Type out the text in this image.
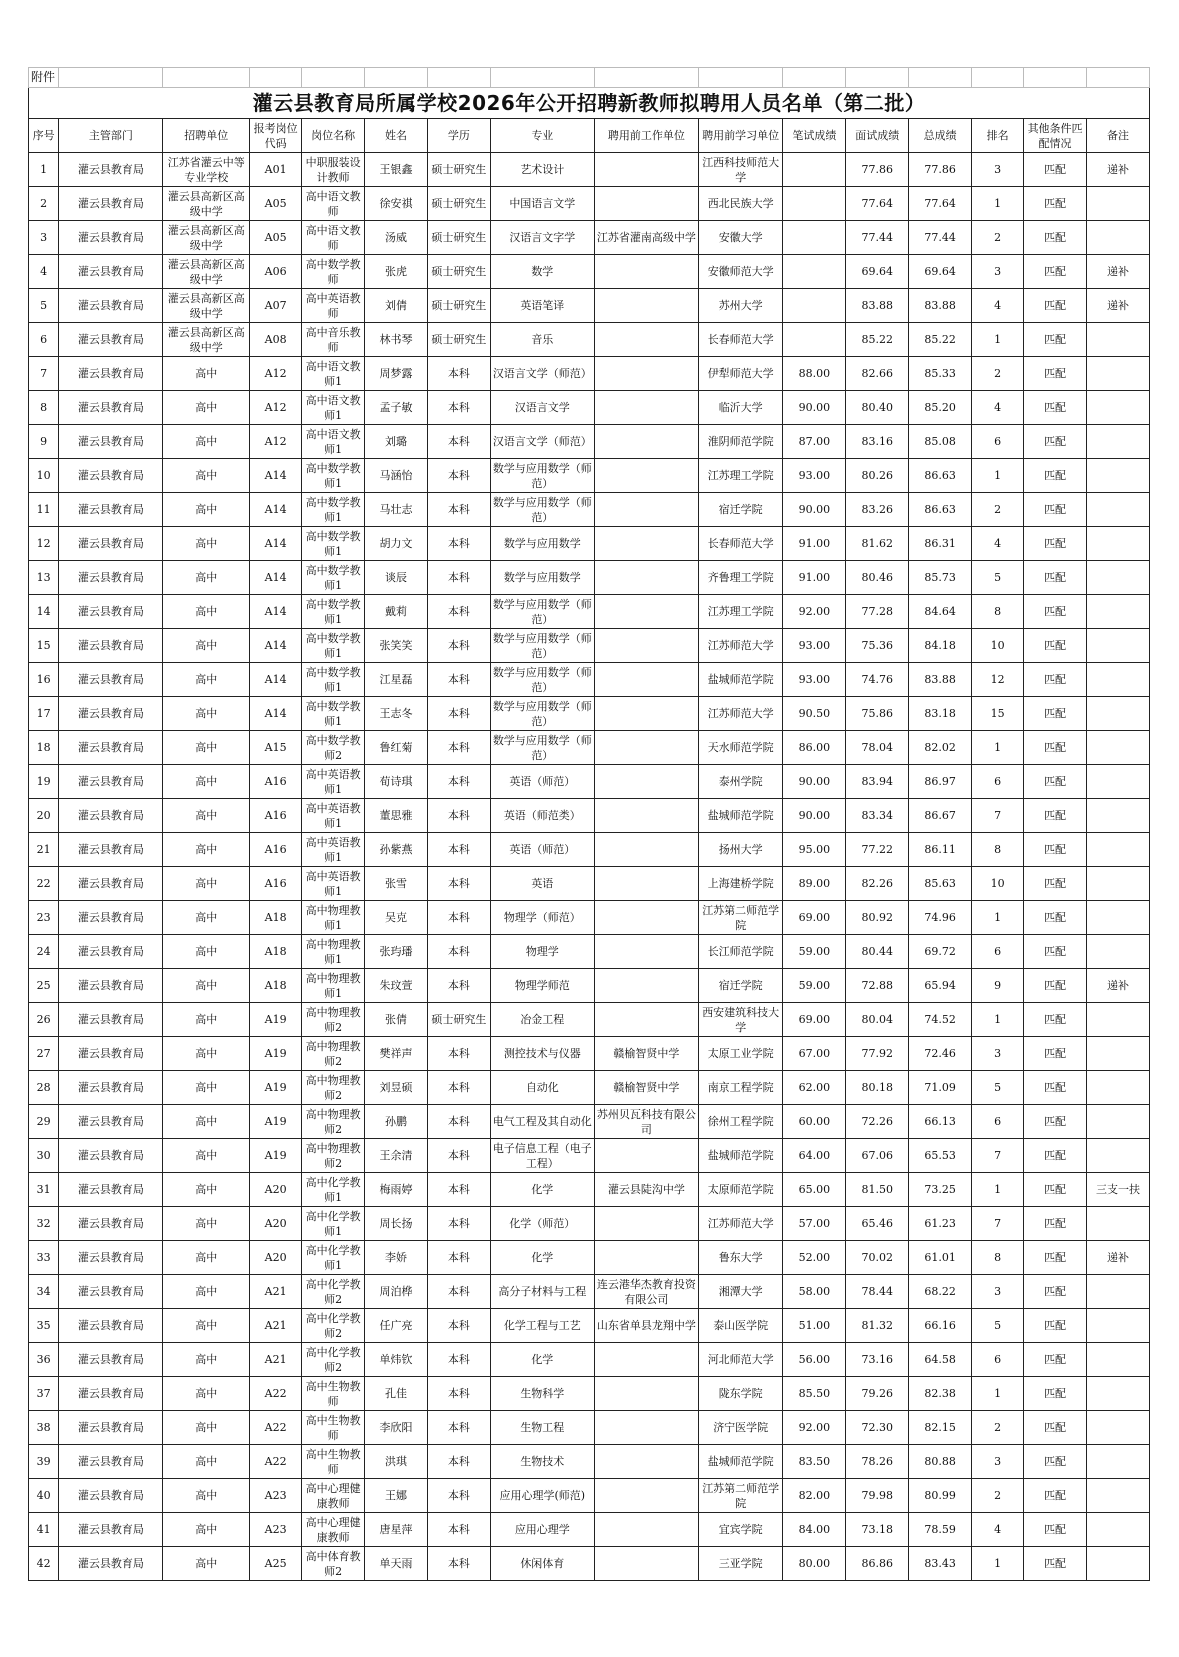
附件															
灌云县教育局所属学校2026年公开招聘新教师拟聘用人员名单（第二批）															
序号	主管部门	招聘单位	报考岗位代码	岗位名称	姓名	学历	专业	聘用前工作单位	聘用前学习单位	笔试成绩	面试成绩	总成绩	排名	其他条件匹配情况	备注
1	灌云县教育局	江苏省灌云中等专业学校	A01	中职服装设计教师	王银鑫	硕士研究生	艺术设计		江西科技师范大学		77.86	77.86	3	匹配	递补
2	灌云县教育局	灌云县高新区高级中学	A05	高中语文教师	徐安祺	硕士研究生	中国语言文学		西北民族大学		77.64	77.64	1	匹配	
3	灌云县教育局	灌云县高新区高级中学	A05	高中语文教师	汤威	硕士研究生	汉语言文字学	江苏省灌南高级中学	安徽大学		77.44	77.44	2	匹配	
4	灌云县教育局	灌云县高新区高级中学	A06	高中数学教师	张虎	硕士研究生	数学		安徽师范大学		69.64	69.64	3	匹配	递补
5	灌云县教育局	灌云县高新区高级中学	A07	高中英语教师	刘倩	硕士研究生	英语笔译		苏州大学		83.88	83.88	4	匹配	递补
6	灌云县教育局	灌云县高新区高级中学	A08	高中音乐教师	林书琴	硕士研究生	音乐		长春师范大学		85.22	85.22	1	匹配	
7	灌云县教育局	高中	A12	高中语文教师1	周梦露	本科	汉语言文学（师范）		伊犁师范大学	88.00	82.66	85.33	2	匹配	
8	灌云县教育局	高中	A12	高中语文教师1	孟子敏	本科	汉语言文学		临沂大学	90.00	80.40	85.20	4	匹配	
9	灌云县教育局	高中	A12	高中语文教师1	刘璐	本科	汉语言文学（师范）		淮阴师范学院	87.00	83.16	85.08	6	匹配	
10	灌云县教育局	高中	A14	高中数学教师1	马涵怡	本科	数学与应用数学（师范）		江苏理工学院	93.00	80.26	86.63	1	匹配	
11	灌云县教育局	高中	A14	高中数学教师1	马壮志	本科	数学与应用数学（师范）		宿迁学院	90.00	83.26	86.63	2	匹配	
12	灌云县教育局	高中	A14	高中数学教师1	胡力文	本科	数学与应用数学		长春师范大学	91.00	81.62	86.31	4	匹配	
13	灌云县教育局	高中	A14	高中数学教师1	谈辰	本科	数学与应用数学		齐鲁理工学院	91.00	80.46	85.73	5	匹配	
14	灌云县教育局	高中	A14	高中数学教师1	戴莉	本科	数学与应用数学（师范）		江苏理工学院	92.00	77.28	84.64	8	匹配	
15	灌云县教育局	高中	A14	高中数学教师1	张笑笑	本科	数学与应用数学（师范）		江苏师范大学	93.00	75.36	84.18	10	匹配	
16	灌云县教育局	高中	A14	高中数学教师1	江星磊	本科	数学与应用数学（师范）		盐城师范学院	93.00	74.76	83.88	12	匹配	
17	灌云县教育局	高中	A14	高中数学教师1	王志冬	本科	数学与应用数学（师范）		江苏师范大学	90.50	75.86	83.18	15	匹配	
18	灌云县教育局	高中	A15	高中数学教师2	鲁红菊	本科	数学与应用数学（师范）		天水师范学院	86.00	78.04	82.02	1	匹配	
19	灌云县教育局	高中	A16	高中英语教师1	荀诗琪	本科	英语（师范）		泰州学院	90.00	83.94	86.97	6	匹配	
20	灌云县教育局	高中	A16	高中英语教师1	董思雅	本科	英语（师范类）		盐城师范学院	90.00	83.34	86.67	7	匹配	
21	灌云县教育局	高中	A16	高中英语教师1	孙紫燕	本科	英语（师范）		扬州大学	95.00	77.22	86.11	8	匹配	
22	灌云县教育局	高中	A16	高中英语教师1	张雪	本科	英语		上海建桥学院	89.00	82.26	85.63	10	匹配	
23	灌云县教育局	高中	A18	高中物理教师1	吴克	本科	物理学（师范）		江苏第二师范学院	69.00	80.92	74.96	1	匹配	
24	灌云县教育局	高中	A18	高中物理教师1	张玙璠	本科	物理学		长江师范学院	59.00	80.44	69.72	6	匹配	
25	灌云县教育局	高中	A18	高中物理教师1	朱玟萱	本科	物理学师范		宿迁学院	59.00	72.88	65.94	9	匹配	递补
26	灌云县教育局	高中	A19	高中物理教师2	张倩	硕士研究生	冶金工程		西安建筑科技大学	69.00	80.04	74.52	1	匹配	
27	灌云县教育局	高中	A19	高中物理教师2	樊祥声	本科	测控技术与仪器	赣榆智贤中学	太原工业学院	67.00	77.92	72.46	3	匹配	
28	灌云县教育局	高中	A19	高中物理教师2	刘昱硕	本科	自动化	赣榆智贤中学	南京工程学院	62.00	80.18	71.09	5	匹配	
29	灌云县教育局	高中	A19	高中物理教师2	孙鹏	本科	电气工程及其自动化	苏州贝瓦科技有限公司	徐州工程学院	60.00	72.26	66.13	6	匹配	
30	灌云县教育局	高中	A19	高中物理教师2	王余清	本科	电子信息工程（电子工程）		盐城师范学院	64.00	67.06	65.53	7	匹配	
31	灌云县教育局	高中	A20	高中化学教师1	梅雨婷	本科	化学	灌云县陡沟中学	太原师范学院	65.00	81.50	73.25	1	匹配	三支一扶
32	灌云县教育局	高中	A20	高中化学教师1	周长扬	本科	化学（师范）		江苏师范大学	57.00	65.46	61.23	7	匹配	
33	灌云县教育局	高中	A20	高中化学教师1	李娇	本科	化学		鲁东大学	52.00	70.02	61.01	8	匹配	递补
34	灌云县教育局	高中	A21	高中化学教师2	周泊桦	本科	高分子材料与工程	连云港华杰教育投资有限公司	湘潭大学	58.00	78.44	68.22	3	匹配	
35	灌云县教育局	高中	A21	高中化学教师2	任广亮	本科	化学工程与工艺	山东省单县龙翔中学	泰山医学院	51.00	81.32	66.16	5	匹配	
36	灌云县教育局	高中	A21	高中化学教师2	单炜钦	本科	化学		河北师范大学	56.00	73.16	64.58	6	匹配	
37	灌云县教育局	高中	A22	高中生物教师	孔佳	本科	生物科学		陇东学院	85.50	79.26	82.38	1	匹配	
38	灌云县教育局	高中	A22	高中生物教师	李欣阳	本科	生物工程		济宁医学院	92.00	72.30	82.15	2	匹配	
39	灌云县教育局	高中	A22	高中生物教师	洪琪	本科	生物技术		盐城师范学院	83.50	78.26	80.88	3	匹配	
40	灌云县教育局	高中	A23	高中心理健康教师	王娜	本科	应用心理学(师范)		江苏第二师范学院	82.00	79.98	80.99	2	匹配	
41	灌云县教育局	高中	A23	高中心理健康教师	唐星萍	本科	应用心理学		宜宾学院	84.00	73.18	78.59	4	匹配	
42	灌云县教育局	高中	A25	高中体育教师2	单天雨	本科	休闲体育		三亚学院	80.00	86.86	83.43	1	匹配	
